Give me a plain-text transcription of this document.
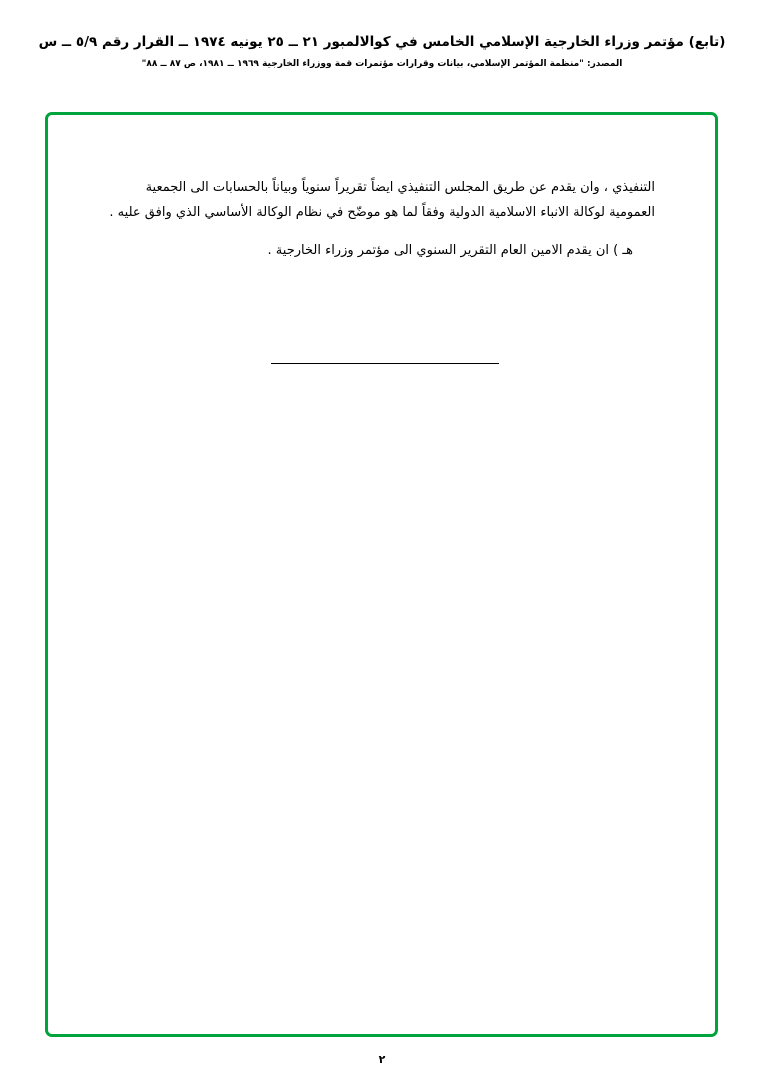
(تابع) مؤتمر وزراء الخارجية الإسلامي الخامس في كوالالمبور ٢١ ــ ٢٥ يونيه ١٩٧٤ ــ القرار رقم ٥/٩ ــ س
المصدر: "منظمة المؤتمر الإسلامي، بيانات وقرارات مؤتمرات قمة ووزراء الخارجية ١٩٦٩ ــ ١٩٨١، ص ٨٧ ــ ٨٨"

التنفيذي ، وان يقدم عن طريق المجلس التنفيذي ايضاً تقريراً سنوياً وبياناً بالحسابات الى الجمعية العمومية لوكالة الانباء الاسلامية الدولية وفقاً لما هو موضّح في نظام الوكالة الأساسي الذي وافق عليه .

هـ ) ان يقدم الامين العام التقرير السنوي الى مؤتمر وزراء الخارجية .

٢
